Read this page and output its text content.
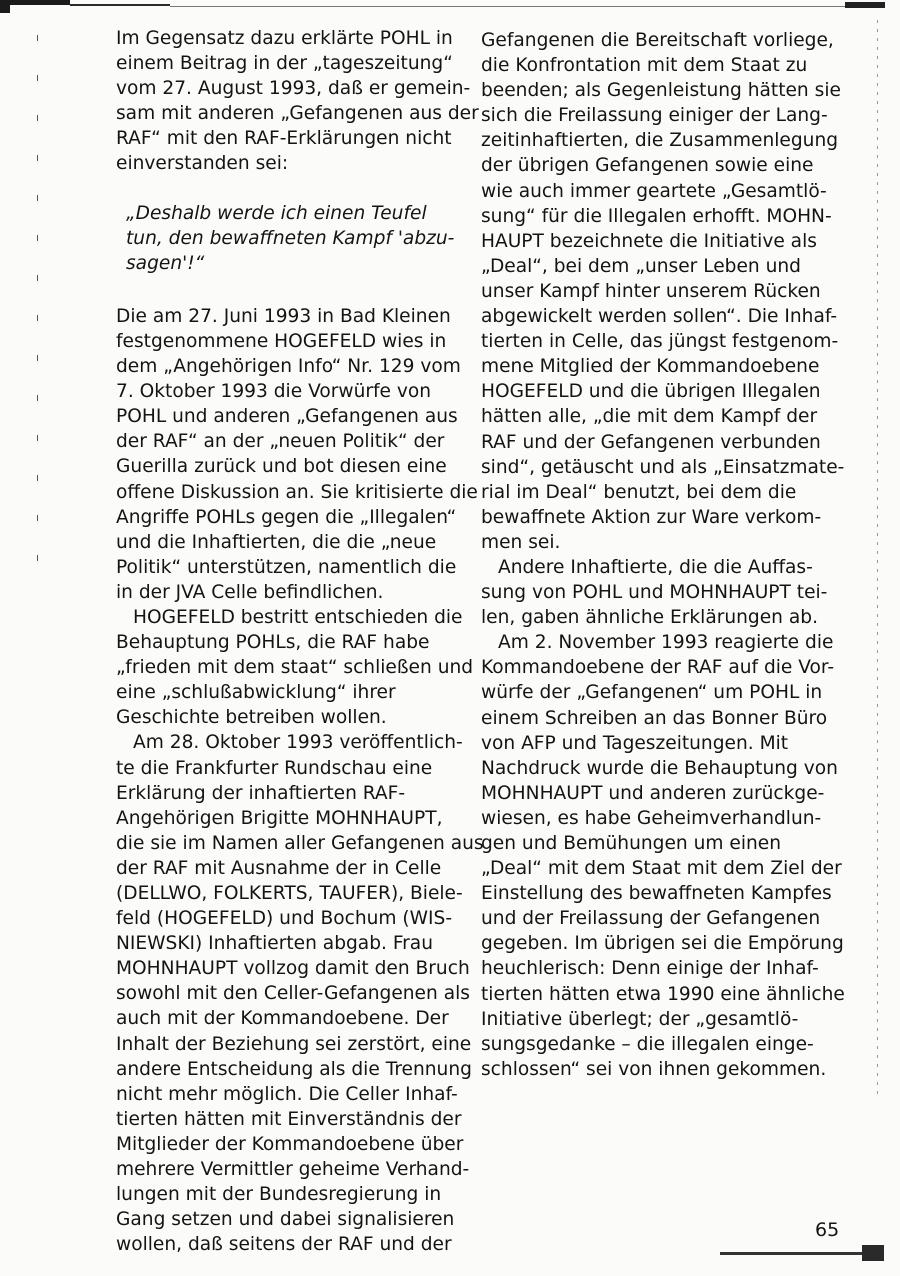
Im Gegensatz dazu erklärte POHL in
einem Beitrag in der „tageszeitung“
vom 27. August 1993, daß er gemein-
sam mit anderen „Gefangenen aus der
RAF“ mit den RAF-Erklärungen nicht
einverstanden sei:
„Deshalb werde ich einen Teufel
tun, den bewaffneten Kampf 'abzu-
sagen'!“
Die am 27. Juni 1993 in Bad Kleinen
festgenommene HOGEFELD wies in
dem „Angehörigen Info“ Nr. 129 vom
7. Oktober 1993 die Vorwürfe von
POHL und anderen „Gefangenen aus
der RAF“ an der „neuen Politik“ der
Guerilla zurück und bot diesen eine
offene Diskussion an. Sie kritisierte die
Angriffe POHLs gegen die „Illegalen“
und die Inhaftierten, die die „neue
Politik“ unterstützen, namentlich die
in der JVA Celle befindlichen.
HOGEFELD bestritt entschieden die
Behauptung POHLs, die RAF habe
„frieden mit dem staat“ schließen und
eine „schlußabwicklung“ ihrer
Geschichte betreiben wollen.
Am 28. Oktober 1993 veröffentlich-
te die Frankfurter Rundschau eine
Erklärung der inhaftierten RAF-
Angehörigen Brigitte MOHNHAUPT,
die sie im Namen aller Gefangenen aus
der RAF mit Ausnahme der in Celle
(DELLWO, FOLKERTS, TAUFER), Biele-
feld (HOGEFELD) und Bochum (WIS-
NIEWSKI) Inhaftierten abgab. Frau
MOHNHAUPT vollzog damit den Bruch
sowohl mit den Celler-Gefangenen als
auch mit der Kommandoebene. Der
Inhalt der Beziehung sei zerstört, eine
andere Entscheidung als die Trennung
nicht mehr möglich. Die Celler Inhaf-
tierten hätten mit Einverständnis der
Mitglieder der Kommandoebene über
mehrere Vermittler geheime Verhand-
lungen mit der Bundesregierung in
Gang setzen und dabei signalisieren
wollen, daß seitens der RAF und der
Gefangenen die Bereitschaft vorliege,
die Konfrontation mit dem Staat zu
beenden; als Gegenleistung hätten sie
sich die Freilassung einiger der Lang-
zeitinhaftierten, die Zusammenlegung
der übrigen Gefangenen sowie eine
wie auch immer geartete „Gesamtlö-
sung“ für die Illegalen erhofft. MOHN-
HAUPT bezeichnete die Initiative als
„Deal“, bei dem „unser Leben und
unser Kampf hinter unserem Rücken
abgewickelt werden sollen“. Die Inhaf-
tierten in Celle, das jüngst festgenom-
mene Mitglied der Kommandoebene
HOGEFELD und die übrigen Illegalen
hätten alle, „die mit dem Kampf der
RAF und der Gefangenen verbunden
sind“, getäuscht und als „Einsatzmate-
rial im Deal“ benutzt, bei dem die
bewaffnete Aktion zur Ware verkom-
men sei.
Andere Inhaftierte, die die Auffas-
sung von POHL und MOHNHAUPT tei-
len, gaben ähnliche Erklärungen ab.
Am 2. November 1993 reagierte die
Kommandoebene der RAF auf die Vor-
würfe der „Gefangenen“ um POHL in
einem Schreiben an das Bonner Büro
von AFP und Tageszeitungen. Mit
Nachdruck wurde die Behauptung von
MOHNHAUPT und anderen zurückge-
wiesen, es habe Geheimverhandlun-
gen und Bemühungen um einen
„Deal“ mit dem Staat mit dem Ziel der
Einstellung des bewaffneten Kampfes
und der Freilassung der Gefangenen
gegeben. Im übrigen sei die Empörung
heuchlerisch: Denn einige der Inhaf-
tierten hätten etwa 1990 eine ähnliche
Initiative überlegt; der „gesamtlö-
sungsgedanke – die illegalen einge-
schlossen“ sei von ihnen gekommen.
65
